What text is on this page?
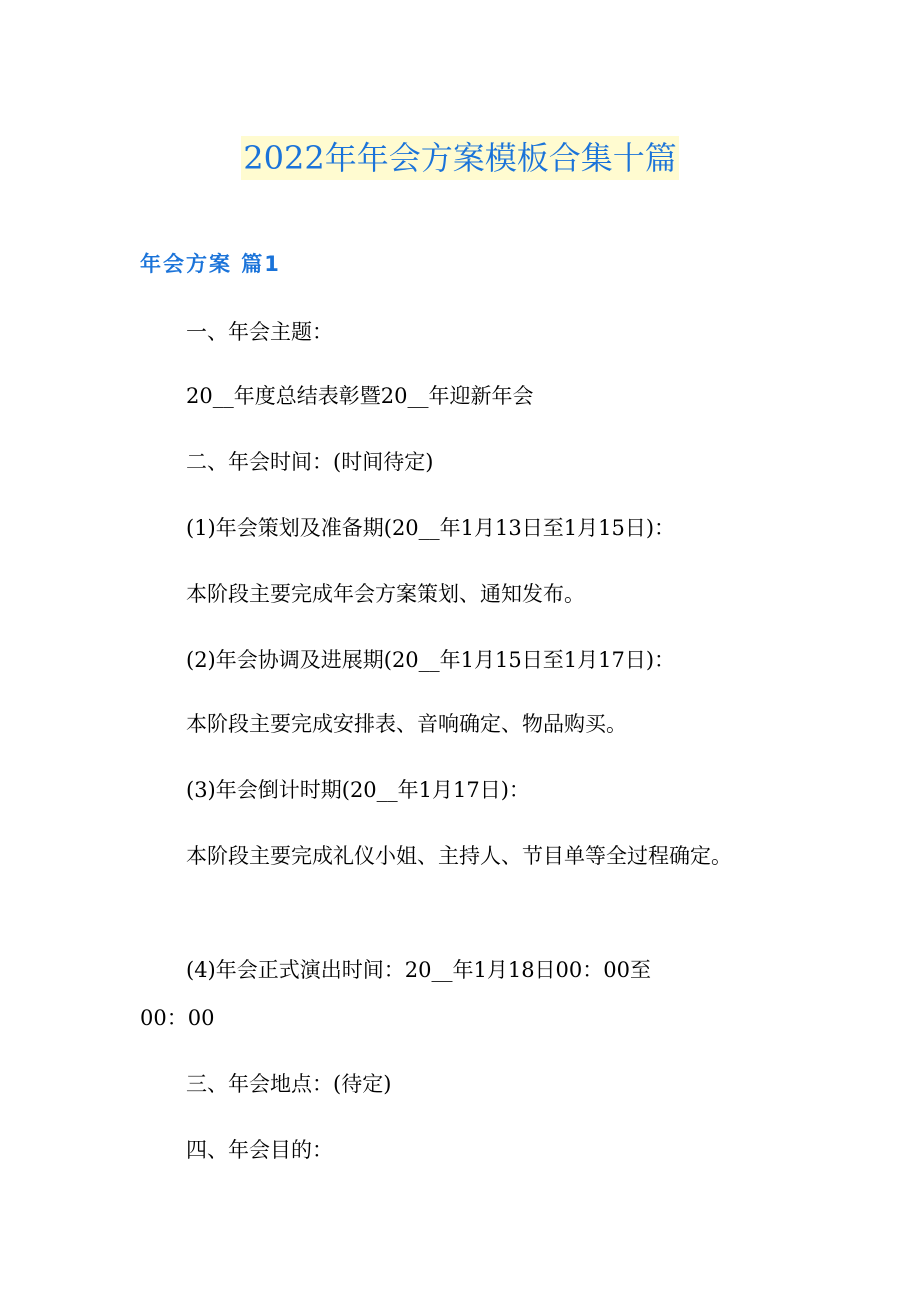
2022年年会方案模板合集十篇
年会方案 篇1
一、年会主题：
20__年度总结表彰暨20__年迎新年会
二、年会时间：(时间待定)
(1)年会策划及准备期(20__年1月13日至1月15日)：
本阶段主要完成年会方案策划、通知发布。
(2)年会协调及进展期(20__年1月15日至1月17日)：
本阶段主要完成安排表、音响确定、物品购买。
(3)年会倒计时期(20__年1月17日)：
本阶段主要完成礼仪小姐、主持人、节目单等全过程确定。
(4)年会正式演出时间：20__年1月18日00：00至
00：00
三、年会地点：(待定)
四、年会目的：
